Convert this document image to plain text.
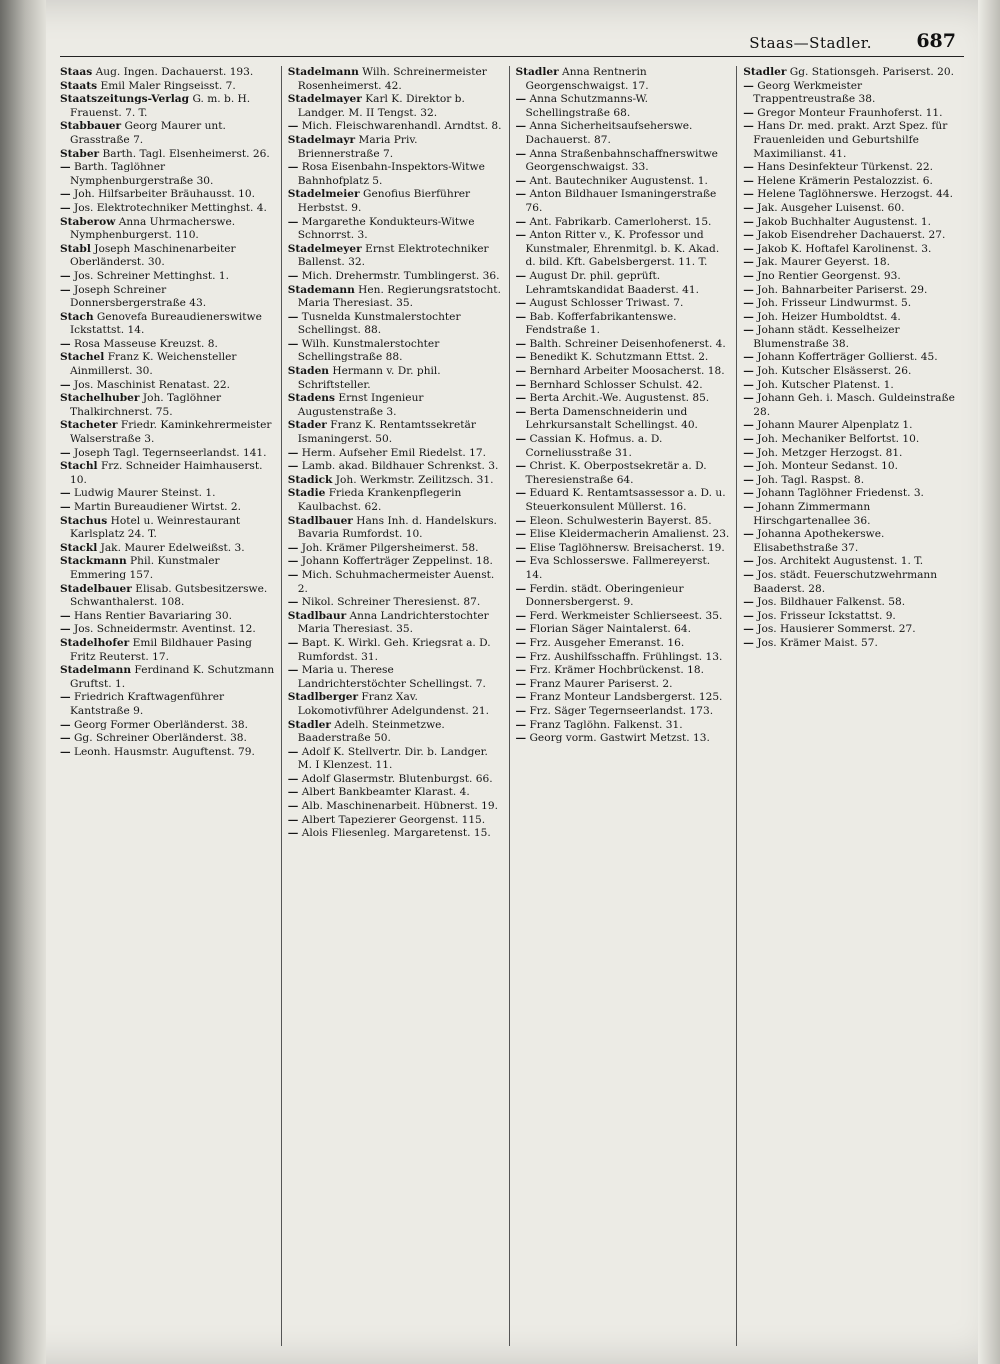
Staas—Stadler. 687

Staas Aug. Ingen. Dachauerst. 193.

Staats Emil Maler Ringseisst. 7.

Staatszeitungs-Verlag G. m. b. H. Frauenst. 7. T.

Stabbauer Georg Maurer unt. Grasstraße 7.

Staber Barth. Tagl. Elsenheimerst. 26.

— Barth. Taglöhner Nymphenburgerstraße 30.

— Joh. Hilfsarbeiter Bräuhausst. 10.

— Jos. Elektrotechniker Mettinghst. 4.

Staberow Anna Uhrmacherswe. Nymphenburgerst. 110.

Stabl Joseph Maschinenarbeiter Oberländerst. 30.

— Jos. Schreiner Mettinghst. 1.

— Joseph Schreiner Donnersbergerstraße 43.

Stach Genovefa Bureaudienerswitwe Ickstattst. 14.

— Rosa Masseuse Kreuzst. 8.

Stachel Franz K. Weichensteller Ainmillerst. 30.

— Jos. Maschinist Renatast. 22.

Stachelhuber Joh. Taglöhner Thalkirchnerst. 75.

Stacheter Friedr. Kaminkehrermeister Walserstraße 3.

— Joseph Tagl. Tegernseerlandst. 141.

Stachl Frz. Schneider Haimhauserst. 10.

— Ludwig Maurer Steinst. 1.

— Martin Bureaudiener Wirtst. 2.

Stachus Hotel u. Weinrestaurant Karlsplatz 24. T.

Stackl Jak. Maurer Edelweißst. 3.

Stackmann Phil. Kunstmaler Emmering 157.

Stadelbauer Elisab. Gutsbesitzerswe. Schwanthalerst. 108.

— Hans Rentier Bavariaring 30.

— Jos. Schneidermstr. Aventinst. 12.

Stadelhofer Emil Bildhauer Pasing Fritz Reuterst. 17.

Stadelmann Ferdinand K. Schutzmann Gruftst. 1.

— Friedrich Kraftwagenführer Kantstraße 9.

— Georg Former Oberländerst. 38.

— Gg. Schreiner Oberländerst. 38.

— Leonh. Hausmstr. Auguftenst. 79.

Stadelmann Wilh. Schreinermeister Rosenheimerst. 42.

Stadelmayer Karl K. Direktor b. Landger. M. II Tengst. 32.

— Mich. Fleischwarenhandl. Arndtst. 8.

Stadelmayr Maria Priv. Briennerstraße 7.

— Rosa Eisenbahn-Inspektors-Witwe Bahnhofplatz 5.

Stadelmeier Genofius Bierführer Herbstst. 9.

— Margarethe Kondukteurs-Witwe Schnorrst. 3.

Stadelmeyer Ernst Elektrotechniker Ballenst. 32.

— Mich. Drehermstr. Tumblingerst. 36.

Stademann Hen. Regierungsratstocht. Maria Theresiast. 35.

— Tusnelda Kunstmalerstochter Schellingst. 88.

— Wilh. Kunstmalerstochter Schellingstraße 88.

Staden Hermann v. Dr. phil. Schriftsteller.

Stadens Ernst Ingenieur Augustenstraße 3.

Stader Franz K. Rentamtssekretär Ismaningerst. 50.

— Herm. Aufseher Emil Riedelst. 17.

— Lamb. akad. Bildhauer Schrenkst. 3.

Stadick Joh. Werkmstr. Zeilitzsch. 31.

Stadie Frieda Krankenpflegerin Kaulbachst. 62.

Stadlbauer Hans Inh. d. Handelskurs. Bavaria Rumfordst. 10.

— Joh. Krämer Pilgersheimerst. 58.

— Johann Kofferträger Zeppelinst. 18.

— Mich. Schuhmachermeister Auenst. 2.

— Nikol. Schreiner Theresienst. 87.

Stadlbaur Anna Landrichterstochter Maria Theresiast. 35.

— Bapt. K. Wirkl. Geh. Kriegsrat a. D. Rumfordst. 31.

— Maria u. Therese Landrichterstöchter Schellingst. 7.

Stadlberger Franz Xav. Lokomotivführer Adelgundenst. 21.

Stadler Adelh. Steinmetzwe. Baaderstraße 50.

— Adolf K. Stellvertr. Dir. b. Landger. M. I Klenzest. 11.

— Adolf Glasermstr. Blutenburgst. 66.

— Albert Bankbeamter Klarast. 4.

— Alb. Maschinenarbeit. Hübnerst. 19.

— Albert Tapezierer Georgenst. 115.

— Alois Fliesenleg. Margaretenst. 15.

Stadler Anna Rentnerin Georgenschwaigst. 17.

— Anna Schutzmanns-W. Schellingstraße 68.

— Anna Sicherheitsaufseherswe. Dachauerst. 87.

— Anna Straßenbahnschaffnerswitwe Georgenschwaigst. 33.

— Ant. Bautechniker Augustenst. 1.

— Anton Bildhauer Ismaningerstraße 76.

— Ant. Fabrikarb. Camerloherst. 15.

— Anton Ritter v., K. Professor und Kunstmaler, Ehrenmitgl. b. K. Akad. d. bild. Kft. Gabelsbergerst. 11. T.

— August Dr. phil. geprüft. Lehramtskandidat Baaderst. 41.

— August Schlosser Triwast. 7.

— Bab. Kofferfabrikantenswe. Fendstraße 1.

— Balth. Schreiner Deisenhofenerst. 4.

— Benedikt K. Schutzmann Ettst. 2.

— Bernhard Arbeiter Moosacherst. 18.

— Bernhard Schlosser Schulst. 42.

— Berta Archit.-We. Augustenst. 85.

— Berta Damenschneiderin und Lehrkursanstalt Schellingst. 40.

— Cassian K. Hofmus. a. D. Corneliusstraße 31.

— Christ. K. Oberpostsekretär a. D. Theresienstraße 64.

— Eduard K. Rentamtsassessor a. D. u. Steuerkonsulent Müllerst. 16.

— Eleon. Schulwesterin Bayerst. 85.

— Elise Kleidermacherin Amalienst. 23.

— Elise Taglöhnersw. Breisacherst. 19.

— Eva Schlosserswe. Fallmereyerst. 14.

— Ferdin. städt. Oberingenieur Donnersbergerst. 9.

— Ferd. Werkmeister Schlierseest. 35.

— Florian Säger Naintalerst. 64.

— Frz. Ausgeher Emeranst. 16.

— Frz. Aushilfsschaffn. Frühlingst. 13.

— Frz. Krämer Hochbrückenst. 18.

— Franz Maurer Pariserst. 2.

— Franz Monteur Landsbergerst. 125.

— Frz. Säger Tegernseerlandst. 173.

— Franz Taglöhn. Falkenst. 31.

— Georg vorm. Gastwirt Metzst. 13.

Stadler Gg. Stationsgeh. Pariserst. 20.

— Georg Werkmeister Trappentreustraße 38.

— Gregor Monteur Fraunhoferst. 11.

— Hans Dr. med. prakt. Arzt Spez. für Frauenleiden und Geburtshilfe Maximilianst. 41.

— Hans Desinfekteur Türkenst. 22.

— Helene Krämerin Pestalozzist. 6.

— Helene Taglöhnerswe. Herzogst. 44.

— Jak. Ausgeher Luisenst. 60.

— Jakob Buchhalter Augustenst. 1.

— Jakob Eisendreher Dachauerst. 27.

— Jakob K. Hoftafel Karolinenst. 3.

— Jak. Maurer Geyerst. 18.

— Jno Rentier Georgenst. 93.

— Joh. Bahnarbeiter Pariserst. 29.

— Joh. Frisseur Lindwurmst. 5.

— Joh. Heizer Humboldtst. 4.

— Johann städt. Kesselheizer Blumenstraße 38.

— Johann Kofferträger Gollierst. 45.

— Joh. Kutscher Elsässerst. 26.

— Joh. Kutscher Platenst. 1.

— Johann Geh. i. Masch. Guldeinstraße 28.

— Johann Maurer Alpenplatz 1.

— Joh. Mechaniker Belfortst. 10.

— Joh. Metzger Herzogst. 81.

— Joh. Monteur Sedanst. 10.

— Joh. Tagl. Raspst. 8.

— Johann Taglöhner Friedenst. 3.

— Johann Zimmermann Hirschgartenallee 36.

— Johanna Apothekerswe. Elisabethstraße 37.

— Jos. Architekt Augustenst. 1. T.

— Jos. städt. Feuerschutzwehrmann Baaderst. 28.

— Jos. Bildhauer Falkenst. 58.

— Jos. Frisseur Ickstattst. 9.

— Jos. Hausierer Sommerst. 27.

— Jos. Krämer Maist. 57.
